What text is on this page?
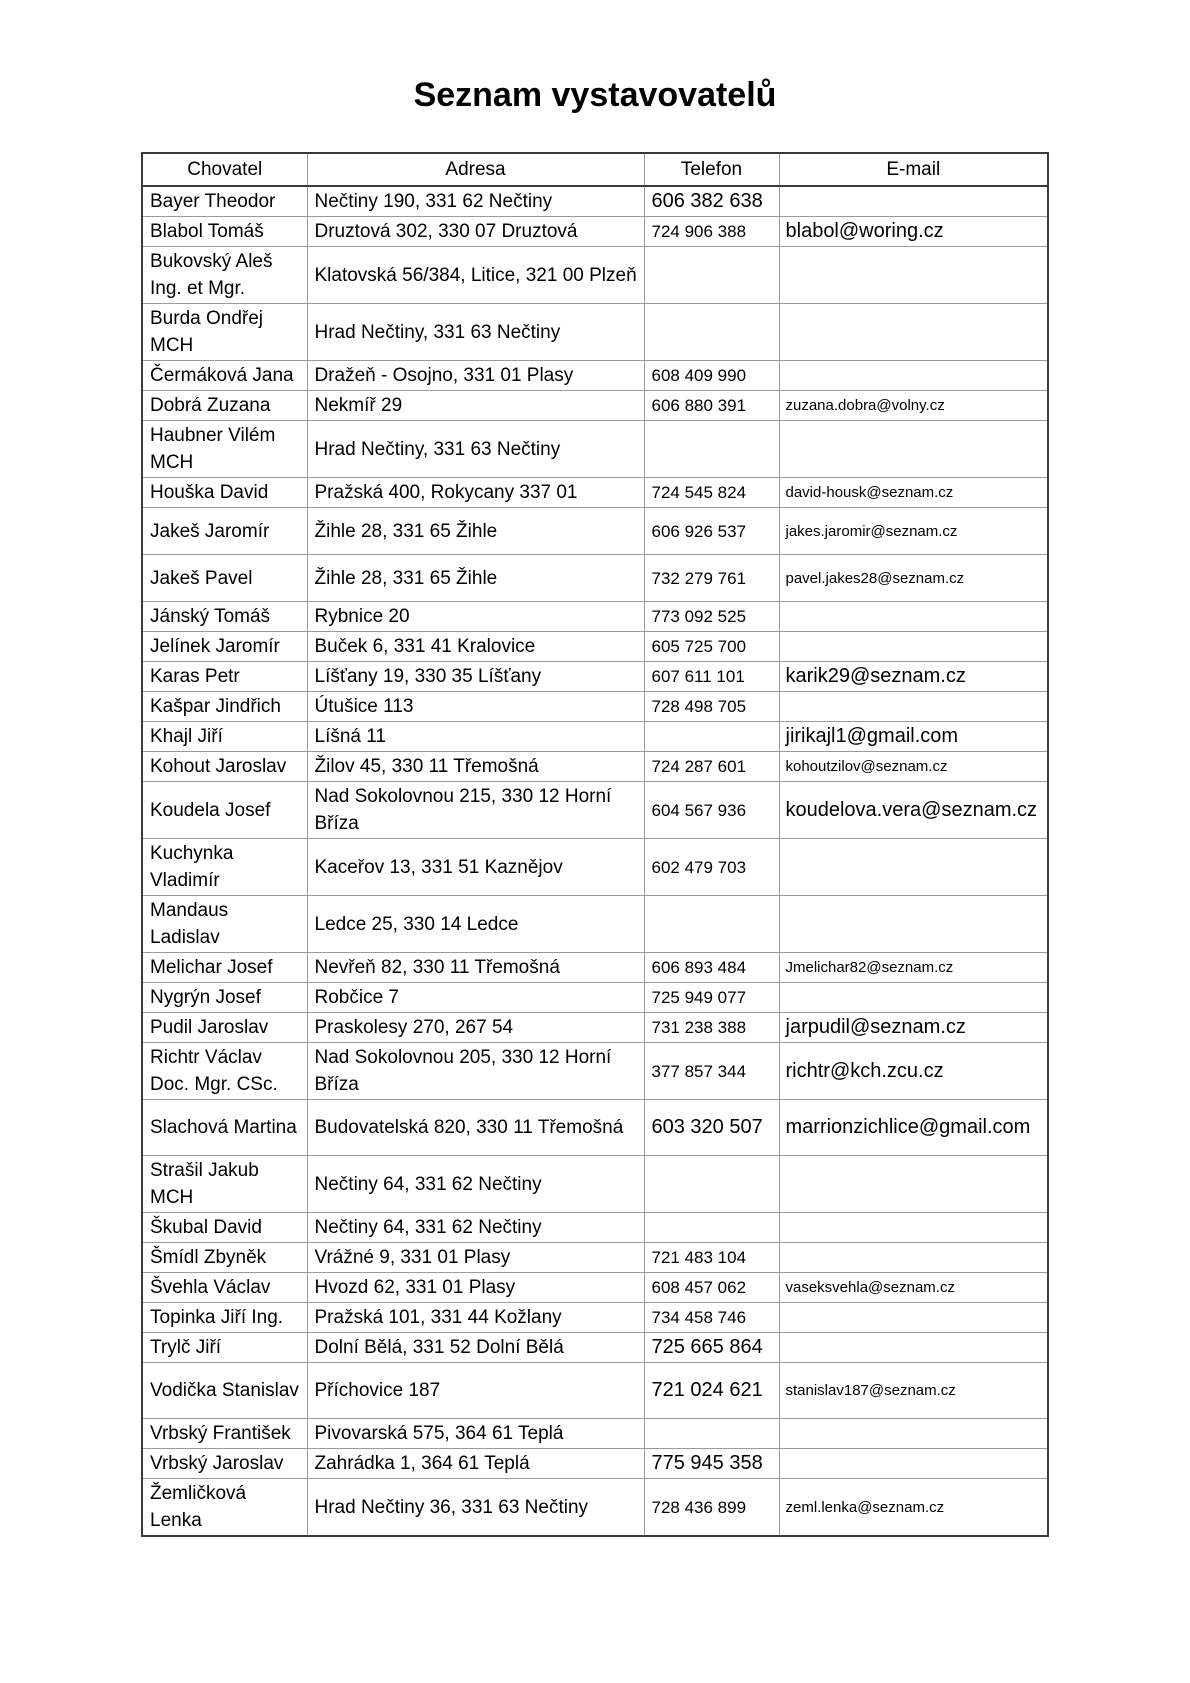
Seznam vystavovatelů
Chovatel	Adresa	Telefon	E-mail
Bayer Theodor	Nečtiny 190, 331 62 Nečtiny	606 382 638	
Blabol Tomáš	Druztová 302, 330 07 Druztová	724 906 388	blabol@woring.cz
Bukovský Aleš Ing. et Mgr.	Klatovská 56/384, Litice, 321 00 Plzeň		
Burda Ondřej MCH	Hrad Nečtiny, 331 63 Nečtiny		
Čermáková Jana	Dražeň - Osojno, 331 01 Plasy	608 409 990	
Dobrá Zuzana	Nekmíř 29	606 880 391	zuzana.dobra@volny.cz
Haubner Vilém MCH	Hrad Nečtiny, 331 63 Nečtiny		
Houška David	Pražská 400, Rokycany 337 01	724 545 824	david-housk@seznam.cz
Jakeš Jaromír	Žihle 28, 331 65 Žihle	606 926 537	jakes.jaromir@seznam.cz
Jakeš Pavel	Žihle 28, 331 65 Žihle	732 279 761	pavel.jakes28@seznam.cz
Jánský Tomáš	Rybnice 20	773 092 525	
Jelínek Jaromír	Buček 6, 331 41 Kralovice	605 725 700	
Karas Petr	Líšťany 19, 330 35 Líšťany	607 611 101	karik29@seznam.cz
Kašpar Jindřich	Útušice 113	728 498 705	
Khajl Jiří	Líšná 11		jirikajl1@gmail.com
Kohout Jaroslav	Žilov 45, 330 11 Třemošná	724 287 601	kohoutzilov@seznam.cz
Koudela Josef	Nad Sokolovnou 215, 330 12 Horní Bříza	604 567 936	koudelova.vera@seznam.cz
Kuchynka Vladimír	Kaceřov 13, 331 51 Kaznějov	602 479 703	
Mandaus Ladislav	Ledce 25, 330 14 Ledce		
Melichar Josef	Nevřeň 82, 330 11 Třemošná	606 893 484	Jmelichar82@seznam.cz
Nygrýn Josef	Robčice 7	725 949 077	
Pudil Jaroslav	Praskolesy 270, 267 54	731 238 388	jarpudil@seznam.cz
Richtr Václav Doc. Mgr. CSc.	Nad Sokolovnou 205, 330 12 Horní Bříza	377 857 344	richtr@kch.zcu.cz
Slachová Martina	Budovatelská 820, 330 11 Třemošná	603 320 507	marrionzichlice@gmail.com
Strašil Jakub MCH	Nečtiny 64, 331 62 Nečtiny		
Škubal David	Nečtiny 64, 331 62 Nečtiny		
Šmídl Zbyněk	Vrážné 9, 331 01 Plasy	721 483 104	
Švehla Václav	Hvozd 62, 331 01 Plasy	608 457 062	vaseksvehla@seznam.cz
Topinka Jiří Ing.	Pražská 101, 331 44 Kožlany	734 458 746	
Trylč Jiří	Dolní Bělá, 331 52 Dolní Bělá	725 665 864	
Vodička Stanislav	Příchovice 187	721 024 621	stanislav187@seznam.cz
Vrbský František	Pivovarská 575, 364 61 Teplá		
Vrbský Jaroslav	Zahrádka 1, 364 61 Teplá	775 945 358	
Žemličková Lenka	Hrad Nečtiny 36, 331 63 Nečtiny	728 436 899	zeml.lenka@seznam.cz
